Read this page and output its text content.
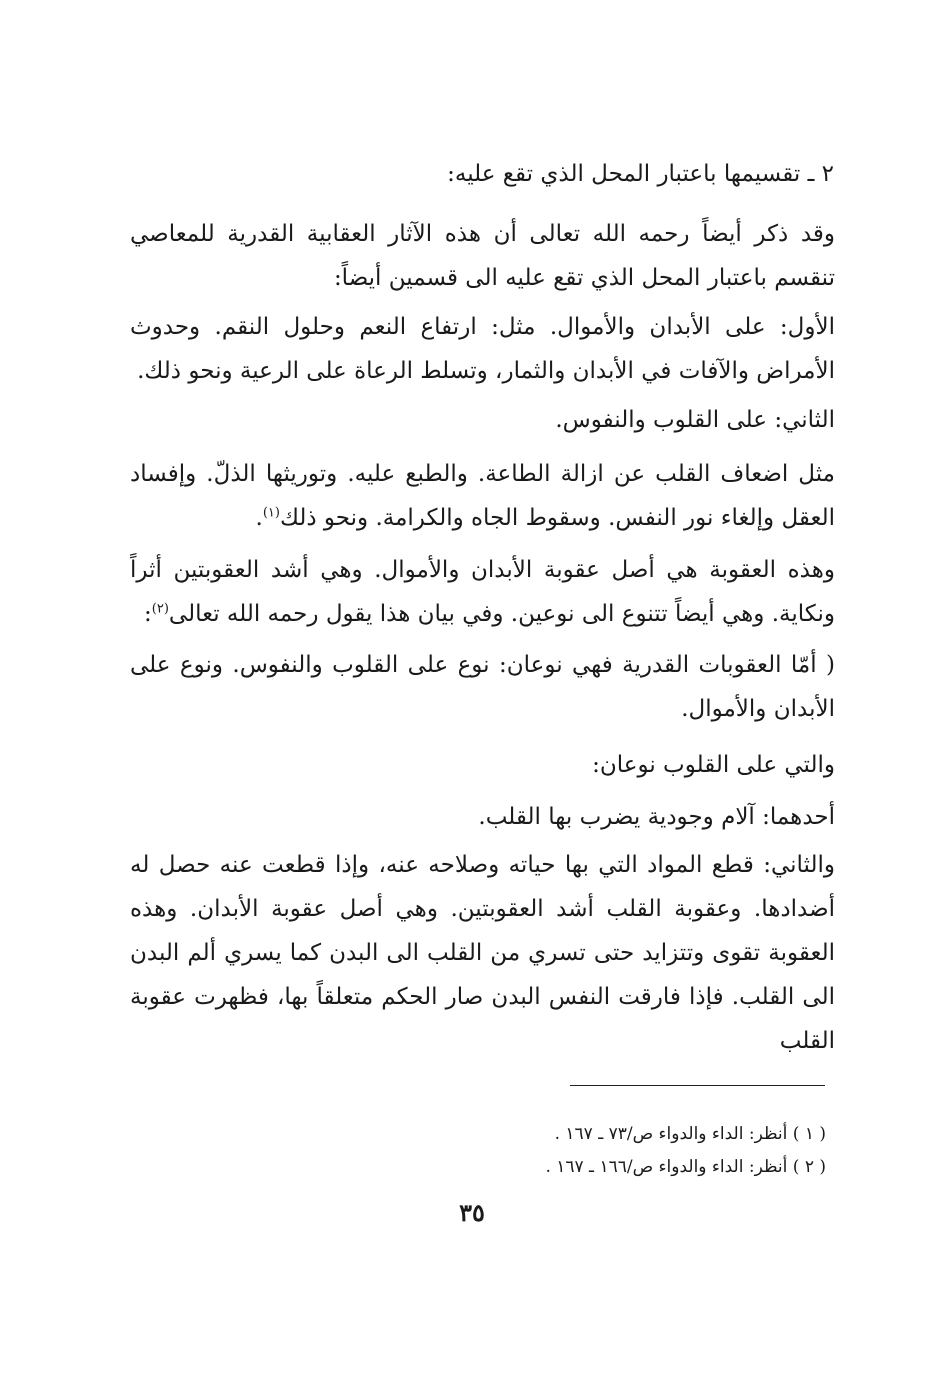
٢ ـ تقسيمها باعتبار المحل الذي تقع عليه:
وقد ذكر أيضاً رحمه الله تعالى أن هذه الآثار العقابية القدرية للمعاصي تنقسم باعتبار المحل الذي تقع عليه الى قسمين أيضاً:
الأول: على الأبدان والأموال. مثل: ارتفاع النعم وحلول النقم. وحدوث الأمراض والآفات في الأبدان والثمار، وتسلط الرعاة على الرعية ونحو ذلك.
الثاني: على القلوب والنفوس.
مثل اضعاف القلب عن ازالة الطاعة. والطبع عليه. وتوريثها الذلّ. وإفساد العقل وإلغاء نور النفس. وسقوط الجاه والكرامة. ونحو ذلك$^{(١)}$.
وهذه العقوبة هي أصل عقوبة الأبدان والأموال. وهي أشد العقوبتين أثراً ونكاية. وهي أيضاً تتنوع الى نوعين. وفي بيان هذا يقول رحمه الله تعالى$^{(٢)}$:
( أمّا العقوبات القدرية فهي نوعان: نوع على القلوب والنفوس. ونوع على الأبدان والأموال.
والتي على القلوب نوعان:
أحدهما: آلام وجودية يضرب بها القلب.
والثاني: قطع المواد التي بها حياته وصلاحه عنه، وإذا قطعت عنه حصل له أضدادها. وعقوبة القلب أشد العقوبتين. وهي أصل عقوبة الأبدان. وهذه العقوبة تقوى وتتزايد حتى تسري من القلب الى البدن كما يسري ألم البدن الى القلب. فإذا فارقت النفس البدن صار الحكم متعلقاً بها، فظهرت عقوبة القلب
( ١ ) أنظر: الداء والدواء ص/٧٣ ـ ١٦٧ .
( ٢ ) أنظر: الداء والدواء ص/١٦٦ ـ ١٦٧ .
٣٥
